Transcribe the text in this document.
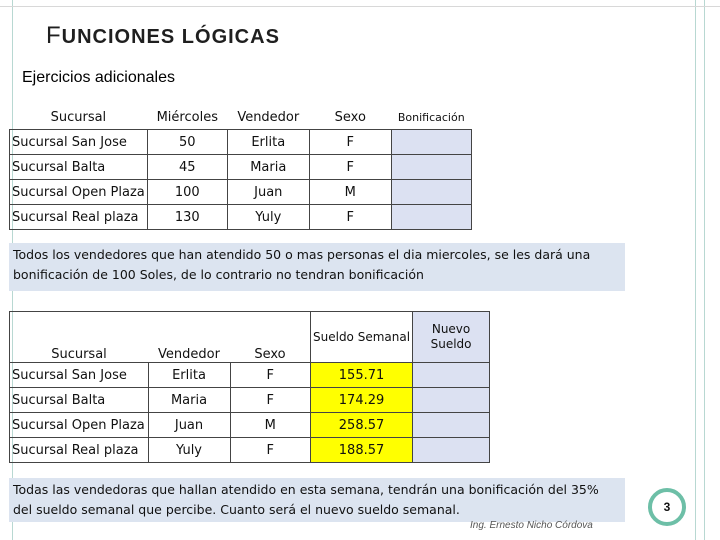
FUNCIONES LÓGICAS
Ejercicios adicionales
Sucursal	Miércoles	Vendedor	Sexo	Bonificación
Sucursal San Jose	50	Erlita	F	
Sucursal Balta	45	Maria	F	
Sucursal Open Plaza	100	Juan	M	
Sucursal Real plaza	130	Yuly	F	
Todos los vendedores que han atendido 50 o mas personas el dia miercoles, se les dará una bonificación de 100 Soles, de lo contrario no tendran bonificación
Sucursal	Vendedor	Sexo	Sueldo Semanal	Nuevo Sueldo
Sucursal San Jose	Erlita	F	155.71	
Sucursal Balta	Maria	F	174.29	
Sucursal Open Plaza	Juan	M	258.57	
Sucursal Real plaza	Yuly	F	188.57	
Todas las vendedoras que hallan atendido en esta semana, tendrán una bonificación del 35% del sueldo semanal que percibe. Cuanto será el nuevo sueldo semanal.
Ing. Ernesto Nicho Córdova
3
